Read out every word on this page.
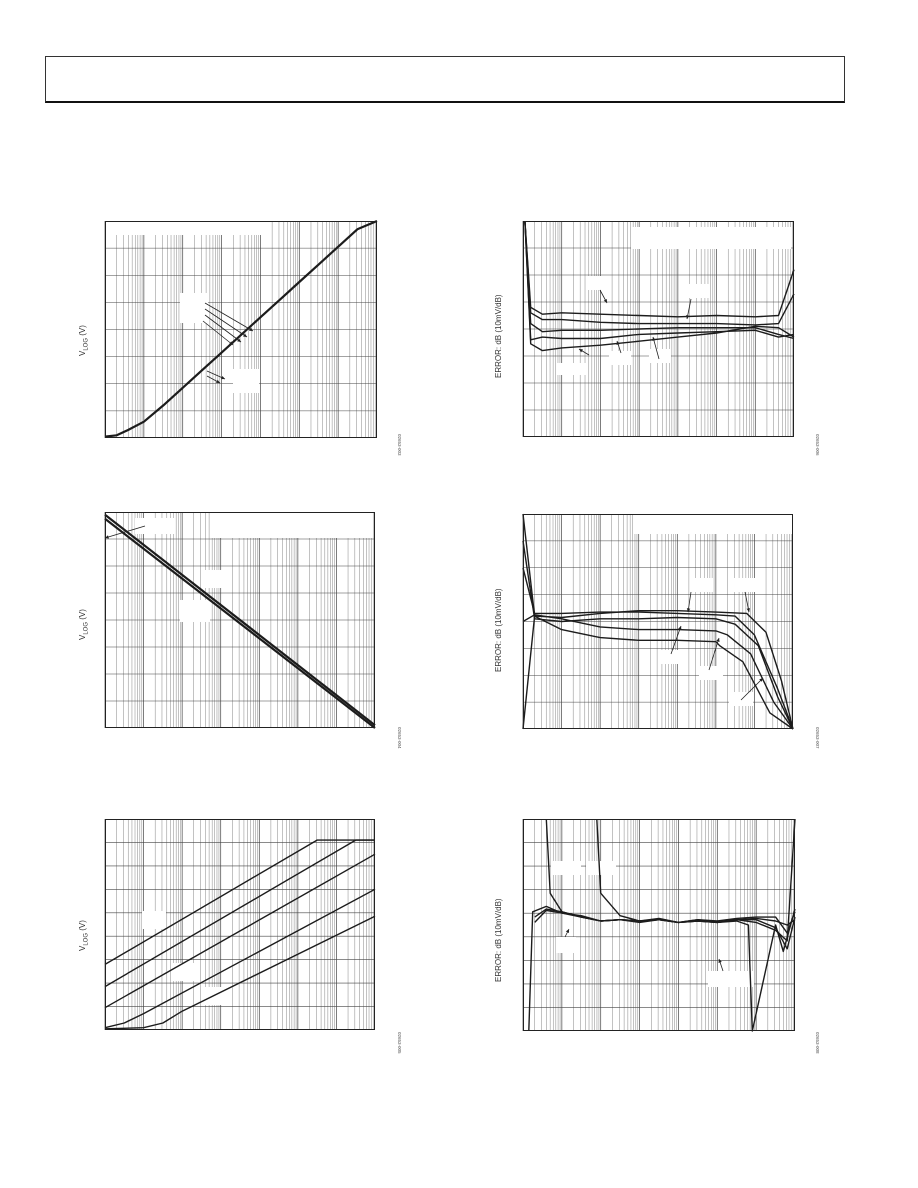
$V_{LOG}$ (V)
02653-003
$V_{LOG}$ (V)
02653-004
$V_{LOG}$ (V)
02653-005
ERROR: dB (10mV/dB)
02653-006
ERROR: dB (10mV/dB)
02653-007
ERROR: dB (10mV/dB)
02653-008
